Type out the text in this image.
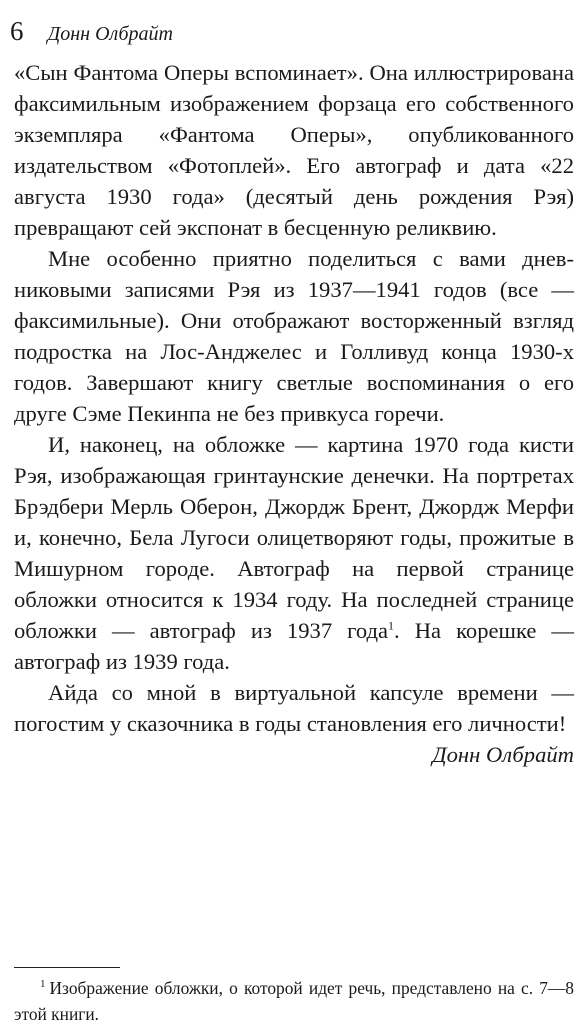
6 Донн Олбрайт

«Сын Фантома Оперы вспоминает». Она иллюстрирована факсимильным изображением форзаца его собственного экземпляра «Фантома Оперы», опубликованного издательством «Фотоплей». Его автограф и дата «22 августа 1930 года» (десятый день рождения Рэя) превращают сей экспонат в бесценную реликвию.

Мне особенно приятно поделиться с вами дневниковыми записями Рэя из 1937—1941 годов (все — факсимильные). Они отображают восторженный взгляд подростка на Лос-Анджелес и Голливуд конца 1930-х годов. Завершают книгу светлые воспоминания о его друге Сэме Пекинпа не без привкуса горечи.

И, наконец, на обложке — картина 1970 года кисти Рэя, изображающая гринтаунские денечки. На портретах Брэдбери Мерль Оберон, Джордж Брент, Джордж Мерфи и, конечно, Бела Лугоси олицетворяют годы, прожитые в Мишурном городе. Автограф на первой странице обложки относится к 1934 году. На последней странице обложки — автограф из 1937 года$^1$. На корешке — автограф из 1939 года.

Айда со мной в виртуальной капсуле времени — погостим у сказочника в годы становления его личности!

Донн Олбрайт

$^1$ Изображение обложки, о которой идет речь, представлено на с. 7—8 этой книги.
